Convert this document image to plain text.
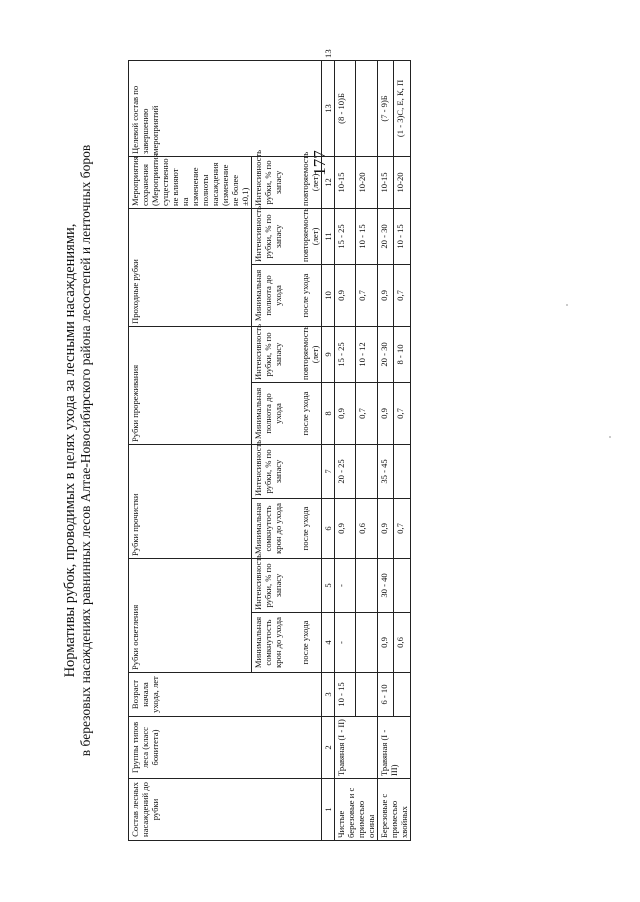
177
Нормативы рубок, проводимых в целях ухода за лесными насаждениями, в березовых насаждениях равнинных лесов Алтае-Новосибирского района лесостепей и ленточных боров
Состав лесных насаждений до рубки	Группы типов леса (класс бонитета)	Возраст начала ухода, лет	Рубки осветления		Рубки прочистки		Рубки прореживания		Проходные рубки		Мероприятия сохранения (Мероприятия существенно не влияют на изменение полноты насаждения (изменение не более ±0,1)	Целевой состав по завершению мероприятий	
			Минимальная сомкнутость крон до ухода	Интенсивность рубки, % по запасу	Минимальная сомкнутость крон до ухода	Интенсивность рубки, % по запасу	Минимальная полнота до ухода	Интенсивность рубки, % по запасу	Минимальная полнота до ухода	Интенсивность рубки, % по запасу	Интенсивность рубки, % по запасу		
			после ухода		после ухода		после ухода	повторяемость (лет)	после ухода	повторяемость (лет)	повторяемость (лет)		
1	2	3	4	5	6	7	8	9	10	11	12	13	13
Чистые березовые и с примесью осины	Травяная (I - II)	10 - 15	-	-	0,9	20 - 25	0,9	15 - 25	0,9	15 - 25	10-15	(8 - 10)Б	
					0,6		0,7	10 - 12	0,7	10 - 15	10-20		
Березовые с примесью хвойных	Травяная (I - III)	6 - 10	0,9	30 - 40	0,9	35 - 45	0,9	20 - 30	0,9	20 - 30	10-15	(7 - 9)Б	
			0,6		0,7		0,7	8 - 10	0,7	10 - 15	10-20	(1 - 3)С, Е, К, П	
